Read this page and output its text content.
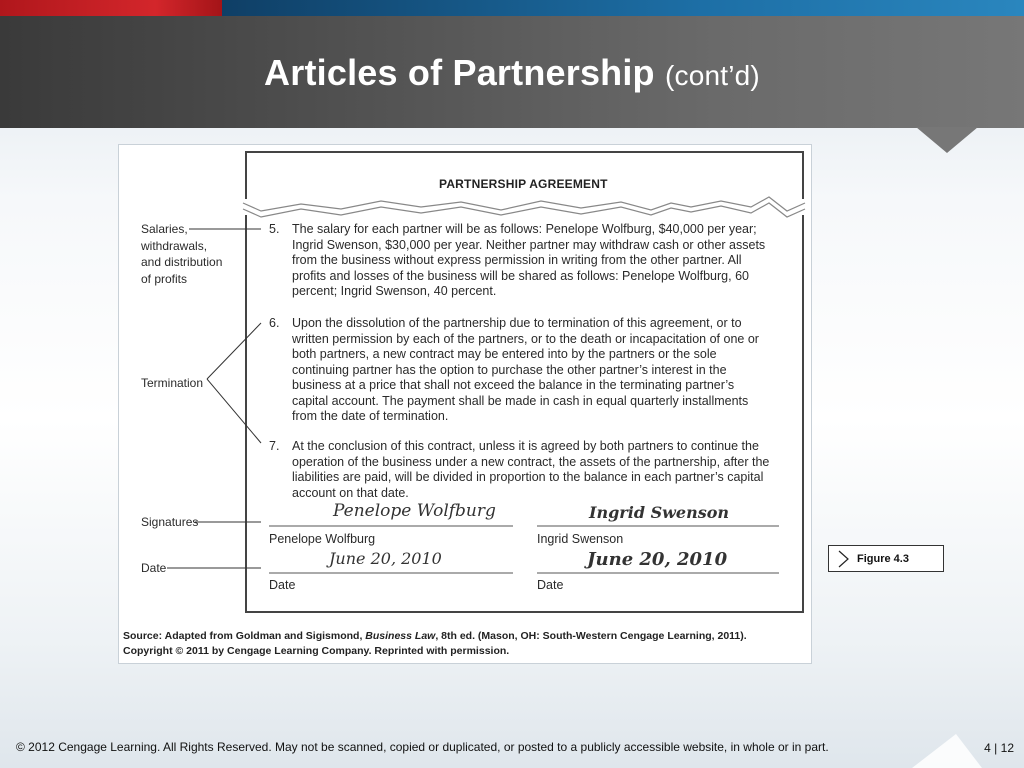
Articles of Partnership (cont’d)
PARTNERSHIP AGREEMENT
Salaries,
withdrawals,
and distribution
of profits
Termination
Signatures
Date
5. The salary for each partner will be as follows: Penelope Wolfburg, $40,000 per year; Ingrid Swenson, $30,000 per year. Neither partner may withdraw cash or other assets from the business without express permission in writing from the other partner. All profits and losses of the business will be shared as follows: Penelope Wolfburg, 60 percent; Ingrid Swenson, 40 percent.
6. Upon the dissolution of the partnership due to termination of this agreement, or to written permission by each of the partners, or to the death or incapacitation of one or both partners, a new contract may be entered into by the partners or the sole continuing partner has the option to purchase the other partner’s interest in the business at a price that shall not exceed the balance in the terminating partner’s capital account. The payment shall be made in cash in equal quarterly installments from the date of termination.
7. At the conclusion of this contract, unless it is agreed by both partners to continue the operation of the business under a new contract, the assets of the partnership, after the liabilities are paid, will be divided in proportion to the balance in each partner’s capital account on that date.
Penelope Wolfburg	Ingrid Swenson
Penelope Wolfburg	Ingrid Swenson
June 20, 2010	June 20, 2010
Date	Date
Source: Adapted from Goldman and Sigismond, Business Law, 8th ed. (Mason, OH: South-Western Cengage Learning, 2011).
Copyright © 2011 by Cengage Learning Company. Reprinted with permission.
Figure 4.3
© 2012 Cengage Learning. All Rights Reserved. May not be scanned, copied or duplicated, or posted to a publicly accessible website, in whole or in part.	4 | 12
